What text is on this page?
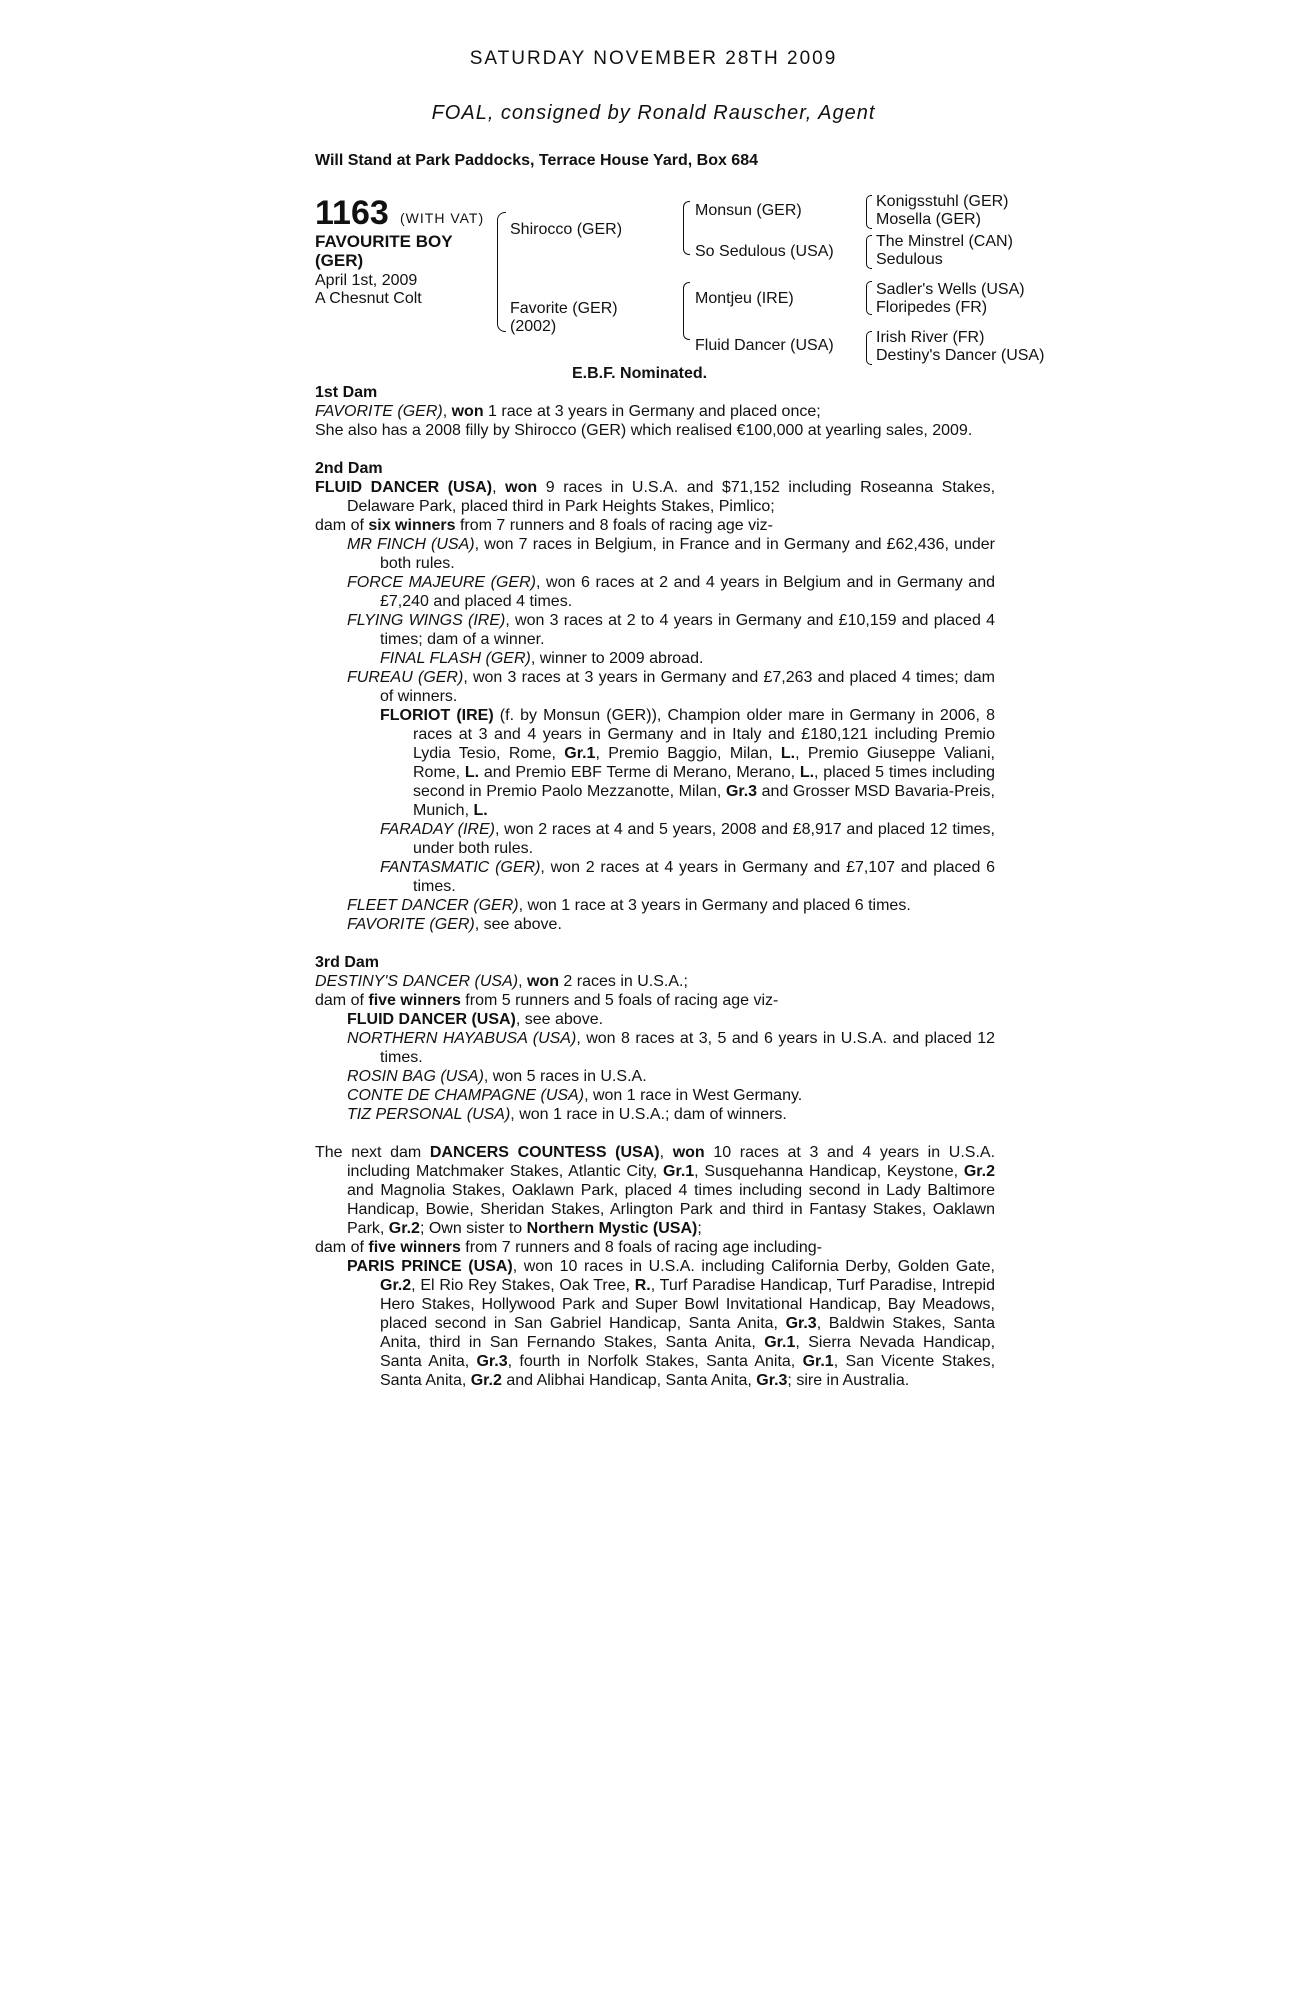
SATURDAY NOVEMBER 28TH 2009
FOAL, consigned by Ronald Rauscher, Agent
Will Stand at Park Paddocks, Terrace House Yard, Box 684
1163 (WITH VAT)
FAVOURITE BOY (GER)
April 1st, 2009
A Chesnut Colt
Shirocco (GER)
Favorite (GER)
(2002)
Monsun (GER)
So Sedulous (USA)
Montjeu (IRE)
Fluid Dancer (USA)
Konigsstuhl (GER)
Mosella (GER)
The Minstrel (CAN)
Sedulous
Sadler's Wells (USA)
Floripedes (FR)
Irish River (FR)
Destiny's Dancer (USA)
E.B.F. Nominated.

1st Dam

FAVORITE (GER), won 1 race at 3 years in Germany and placed once;

She also has a 2008 filly by Shirocco (GER) which realised €100,000 at yearling sales, 2009.

2nd Dam

FLUID DANCER (USA), won 9 races in U.S.A. and $71,152 including Roseanna Stakes, Delaware Park, placed third in Park Heights Stakes, Pimlico;

dam of six winners from 7 runners and 8 foals of racing age viz-

MR FINCH (USA), won 7 races in Belgium, in France and in Germany and £62,436, under both rules.

FORCE MAJEURE (GER), won 6 races at 2 and 4 years in Belgium and in Germany and £7,240 and placed 4 times.

FLYING WINGS (IRE), won 3 races at 2 to 4 years in Germany and £10,159 and placed 4 times; dam of a winner.

FINAL FLASH (GER), winner to 2009 abroad.

FUREAU (GER), won 3 races at 3 years in Germany and £7,263 and placed 4 times; dam of winners.

FLORIOT (IRE) (f. by Monsun (GER)), Champion older mare in Germany in 2006, 8 races at 3 and 4 years in Germany and in Italy and £180,121 including Premio Lydia Tesio, Rome, Gr.1, Premio Baggio, Milan, L., Premio Giuseppe Valiani, Rome, L. and Premio EBF Terme di Merano, Merano, L., placed 5 times including second in Premio Paolo Mezzanotte, Milan, Gr.3 and Grosser MSD Bavaria-Preis, Munich, L.

FARADAY (IRE), won 2 races at 4 and 5 years, 2008 and £8,917 and placed 12 times, under both rules.

FANTASMATIC (GER), won 2 races at 4 years in Germany and £7,107 and placed 6 times.

FLEET DANCER (GER), won 1 race at 3 years in Germany and placed 6 times.

FAVORITE (GER), see above.

3rd Dam

DESTINY'S DANCER (USA), won 2 races in U.S.A.;

dam of five winners from 5 runners and 5 foals of racing age viz-

FLUID DANCER (USA), see above.

NORTHERN HAYABUSA (USA), won 8 races at 3, 5 and 6 years in U.S.A. and placed 12 times.

ROSIN BAG (USA), won 5 races in U.S.A.

CONTE DE CHAMPAGNE (USA), won 1 race in West Germany.

TIZ PERSONAL (USA), won 1 race in U.S.A.; dam of winners.

The next dam DANCERS COUNTESS (USA), won 10 races at 3 and 4 years in U.S.A. including Matchmaker Stakes, Atlantic City, Gr.1, Susquehanna Handicap, Keystone, Gr.2 and Magnolia Stakes, Oaklawn Park, placed 4 times including second in Lady Baltimore Handicap, Bowie, Sheridan Stakes, Arlington Park and third in Fantasy Stakes, Oaklawn Park, Gr.2; Own sister to Northern Mystic (USA);

dam of five winners from 7 runners and 8 foals of racing age including-

PARIS PRINCE (USA), won 10 races in U.S.A. including California Derby, Golden Gate, Gr.2, El Rio Rey Stakes, Oak Tree, R., Turf Paradise Handicap, Turf Paradise, Intrepid Hero Stakes, Hollywood Park and Super Bowl Invitational Handicap, Bay Meadows, placed second in San Gabriel Handicap, Santa Anita, Gr.3, Baldwin Stakes, Santa Anita, third in San Fernando Stakes, Santa Anita, Gr.1, Sierra Nevada Handicap, Santa Anita, Gr.3, fourth in Norfolk Stakes, Santa Anita, Gr.1, San Vicente Stakes, Santa Anita, Gr.2 and Alibhai Handicap, Santa Anita, Gr.3; sire in Australia.
